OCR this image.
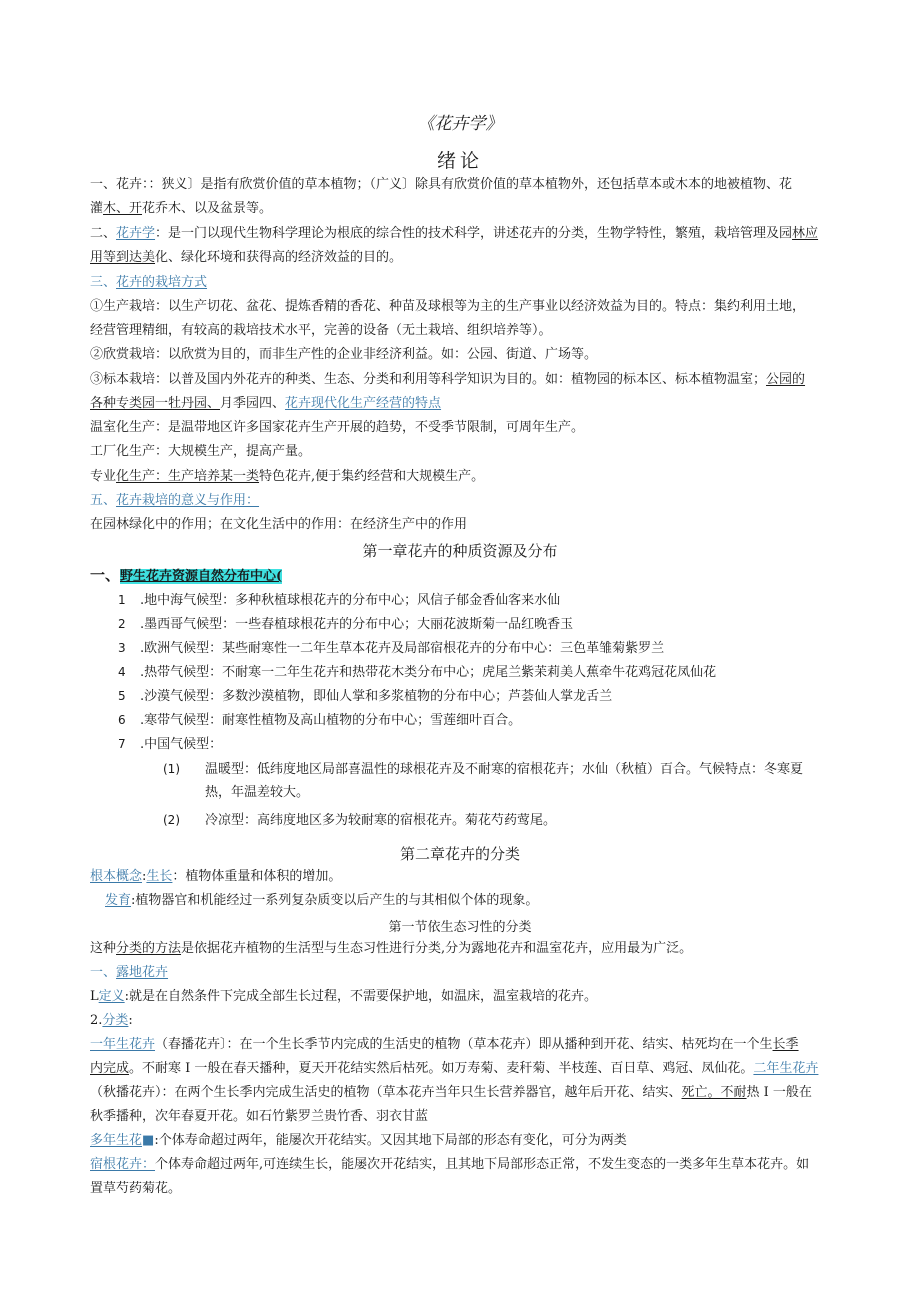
《花卉学》
绪论
一、花卉：：狭义〕是指有欣赏价值的草本植物；（广义〕除具有欣赏价值的草本植物外，还包括草本或木本的地被植物、花
灌木、开花乔木、以及盆景等。
二、花卉学：是一门以现代生物科学理论为根底的综合性的技术科学，讲述花卉的分类，生物学特性，繁殖，栽培管理及园林应
用等到达美化、绿化环境和获得高的经济效益的目的。
三、花卉的栽培方式
①生产栽培：以生产切花、盆花、提炼香精的香花、种苗及球根等为主的生产事业以经济效益为目的。特点：集约利用土地，
经营管理精细，有较高的栽培技术水平，完善的设备（无土栽培、组织培养等）。
②欣赏栽培：以欣赏为目的，而非生产性的企业非经济利益。如：公园、街道、广场等。
③标本栽培：以普及国内外花卉的种类、生态、分类和利用等科学知识为目的。如：植物园的标本区、标本植物温室；公园的
各种专类园一牡丹园、月季园四、花卉现代化生产经营的特点
温室化生产：是温带地区许多国家花卉生产开展的趋势，不受季节限制，可周年生产。
工厂化生产：大规模生产，提高产量。
专业化生产：生产培养某一类特色花卉,便于集约经营和大规模生产。
五、花卉栽培的意义与作用：
在园林绿化中的作用；在文化生活中的作用：在经济生产中的作用
第一章花卉的种质资源及分布
一、野生花卉资源自然分布中心(
1 .地中海气候型：多种秋植球根花卉的分布中心；风信子郁金香仙客来水仙
2 .墨西哥气候型：一些春植球根花卉的分布中心；大丽花波斯菊一品红晚香玉
3 .欧洲气候型：某些耐寒性一二年生草本花卉及局部宿根花卉的分布中心：三色革雏菊紫罗兰
4 .热带气候型：不耐寒一二年生花卉和热带花木类分布中心；虎尾兰紫苿莉美人蕉牵牛花鸡冠花凤仙花
5 .沙漠气候型：多数沙漠植物，即仙人掌和多浆植物的分布中心；芦荟仙人掌龙舌兰
6 .寒带气候型：耐寒性植物及高山植物的分布中心；雪莲细叶百合。
7 .中国气候型：
(1) 温暖型：低纬度地区局部喜温性的球根花卉及不耐寒的宿根花卉；水仙（秋植）百合。气候特点：冬寒夏
热，年温差较大。
(2) 冷凉型：高纬度地区多为较耐寒的宿根花卉。菊花芍药莺尾。
第二章花卉的分类
根本概念:生长：植物体重量和体积的增加。
发育:植物器官和机能经过一系列复杂质变以后产生的与其相似个体的现象。
第一节依生态习性的分类
这种分类的方法是依据花卉植物的生活型与生态习性进行分类,分为露地花卉和温室花卉，应用最为广泛。
一、露地花卉
L定义:就是在自然条件下完成全部生长过程，不需要保护地，如温床，温室栽培的花卉。
2.分类:
一年生花卉（春播花卉〕：在一个生长季节内完成的生活史的植物（草本花卉）即从播种到开花、结实、枯死均在一个生长季
内完成。不耐寒 I 一般在春天播种，夏天开花结实然后枯死。如万寿菊、麦秆菊、半枝莲、百日草、鸡冠、凤仙花。二年生花卉
（秋播花卉）：在两个生长季内完成生活史的植物（草本花卉当年只生长营养器官，越年后开花、结实、死亡。不耐热 I 一般在
秋季播种，次年春夏开花。如石竹紫罗兰贵竹香、羽衣甘蓝
多年生花■:个体寿命超过两年，能屡次开花结实。又因其地下局部的形态有变化，可分为两类
宿根花卉：个体寿命超过两年,可连续生长，能屡次开花结实，且其地下局部形态正常，不发生变态的一类多年生草本花卉。如
置草芍药菊花。
